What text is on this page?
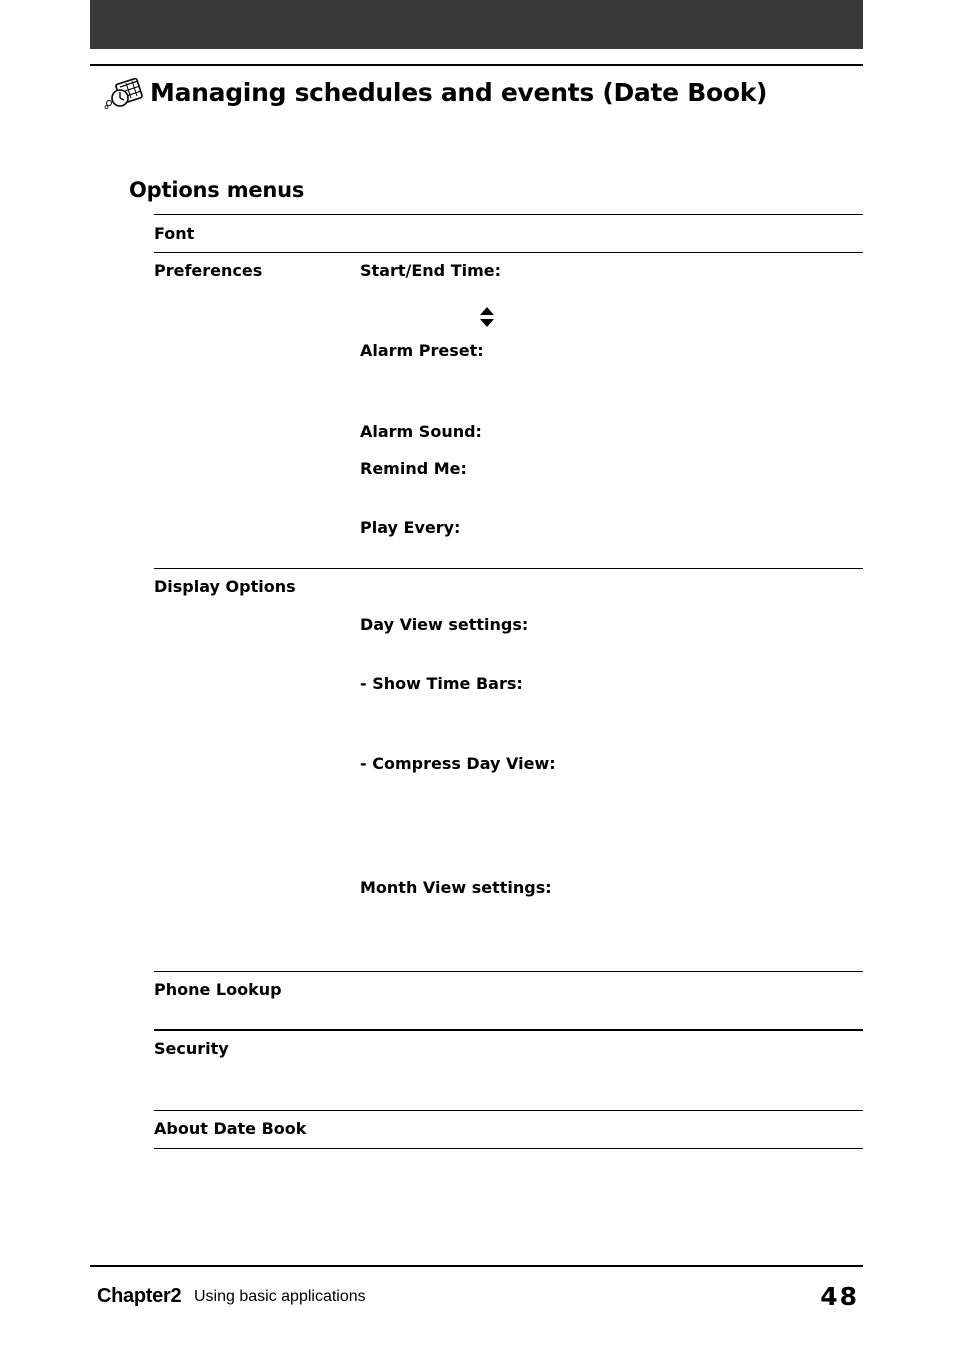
Managing schedules and events (Date Book)
Options menus
Font
Preferences	Start/End Time:
Alarm Preset:
Alarm Sound:
Remind Me:
Play Every:
Display Options
Day View settings:
- Show Time Bars:
- Compress Day View:
Month View settings:
Phone Lookup
Security
About Date Book
Chapter2 Using basic applications	48
